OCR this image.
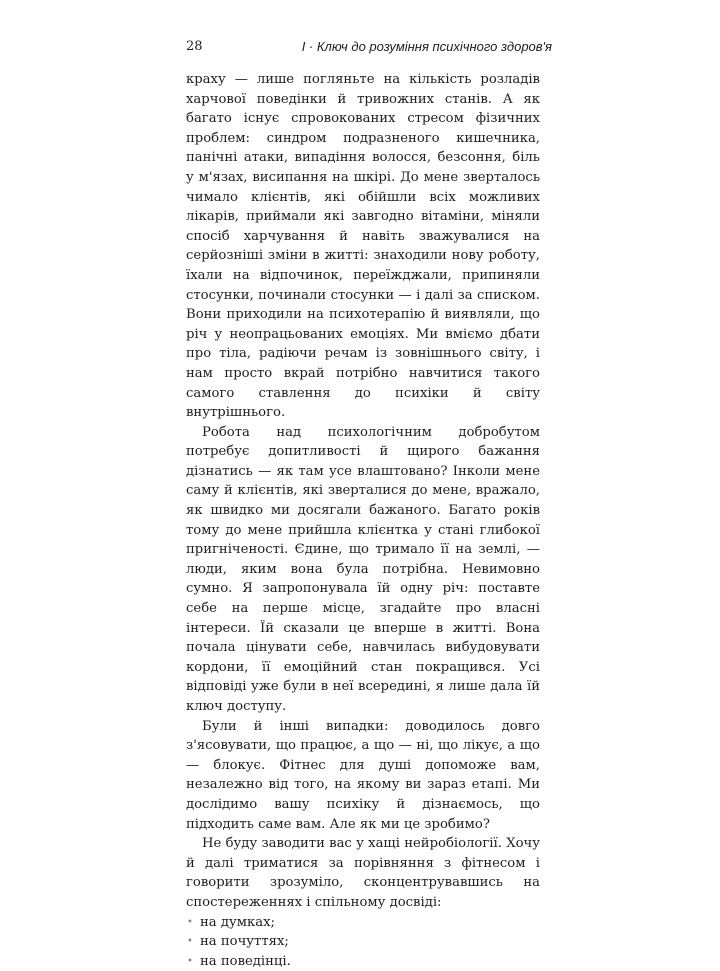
28	І · Ключ до розуміння психічного здоров'я

краху — лише погляньте на кількість розладів харчової поведінки й тривожних станів. А як багато існує спровокованих стресом фізичних проблем: синдром подразненого кишечника, панічні атаки, випадіння волосся, безсоння, біль у м'язах, висипання на шкірі. До мене зверталось чимало клієнтів, які обійшли всіх можливих лікарів, приймали які завгодно вітаміни, міняли спосіб харчування й навіть зважувалися на серйозніші зміни в житті: знаходили нову роботу, їхали на відпочинок, переїжджали, припиняли стосунки, починали стосунки — і далі за списком. Вони приходили на психотерапію й виявляли, що річ у неопрацьованих емоціях. Ми вміємо дбати про тіла, радіючи речам із зовнішнього світу, і нам просто вкрай потрібно навчитися такого самого ставлення до психіки й світу внутрішнього.

Робота над психологічним добробутом потребує допитливості й щирого бажання дізнатись — як там усе влаштовано? Інколи мене саму й клієнтів, які зверталися до мене, вражало, як швидко ми досягали бажаного. Багато років тому до мене прийшла клієнтка у стані глибокої пригніченості. Єдине, що тримало її на землі, — люди, яким вона була потрібна. Невимовно сумно. Я запропонувала їй одну річ: поставте себе на перше місце, згадайте про власні інтереси. Їй сказали це вперше в житті. Вона почала цінувати себе, навчилась вибудовувати кордони, її емоційний стан покращився. Усі відповіді уже були в неї всередині, я лише дала їй ключ доступу.

Були й інші випадки: доводилось довго з'ясовувати, що працює, а що — ні, що лікує, а що — блокує. Фітнес для душі допоможе вам, незалежно від того, на якому ви зараз етапі. Ми дослідимо вашу психіку й дізнаємось, що підходить саме вам. Але як ми це зробимо?

Не буду заводити вас у хащі нейробіології. Хочу й далі триматися за порівняння з фітнесом і говорити зрозуміло, сконцентрувавшись на спостереженнях і спільному досвіді:

• на думках;
• на почуттях;
• на поведінці.
